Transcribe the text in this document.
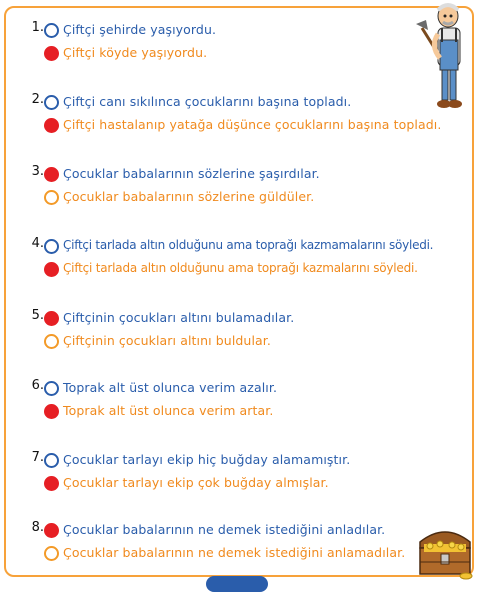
1. Çiftçi şehirde yaşıyordu.
Çiftçi köyde yaşıyordu.
2. Çiftçi canı sıkılınca çocuklarını başına topladı.
Çiftçi hastalanıp yatağa düşünce çocuklarını başına topladı.
3. Çocuklar babalarının sözlerine şaşırdılar.
Çocuklar babalarının sözlerine güldüler.
4. Çiftçi tarlada altın olduğunu ama toprağı kazmamalarını söyledi.
Çiftçi tarlada altın olduğunu ama toprağı kazmalarını söyledi.
5. Çiftçinin çocukları altını bulamadılar.
Çiftçinin çocukları altını buldular.
6. Toprak alt üst olunca verim azalır.
Toprak alt üst olunca verim artar.
7. Çocuklar tarlayı ekip hiç buğday alamamıştır.
Çocuklar tarlayı ekip çok buğday almışlar.
8. Çocuklar babalarının ne demek istediğini anladılar.
Çocuklar babalarının ne demek istediğini anlamadılar.
